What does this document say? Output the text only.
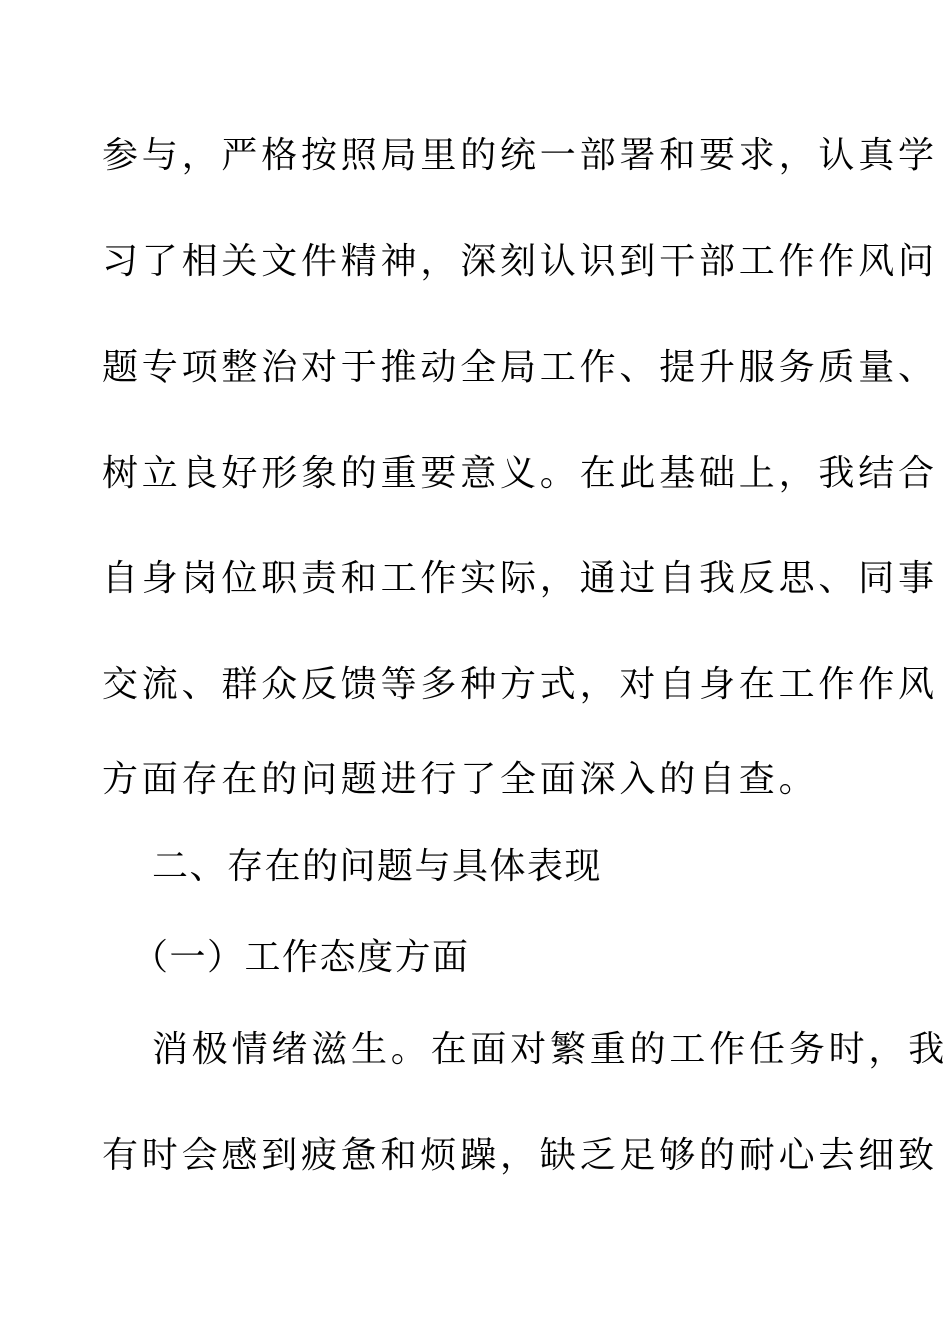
参与，严格按照局里的统一部署和要求，认真学
习了相关文件精神，深刻认识到干部工作作风问
题专项整治对于推动全局工作、提升服务质量、
树立良好形象的重要意义。在此基础上，我结合
自身岗位职责和工作实际，通过自我反思、同事
交流、群众反馈等多种方式，对自身在工作作风
方面存在的问题进行了全面深入的自查。
二、存在的问题与具体表现
（一）工作态度方面
消极情绪滋生。在面对繁重的工作任务时，我
有时会感到疲惫和烦躁，缺乏足够的耐心去细致
